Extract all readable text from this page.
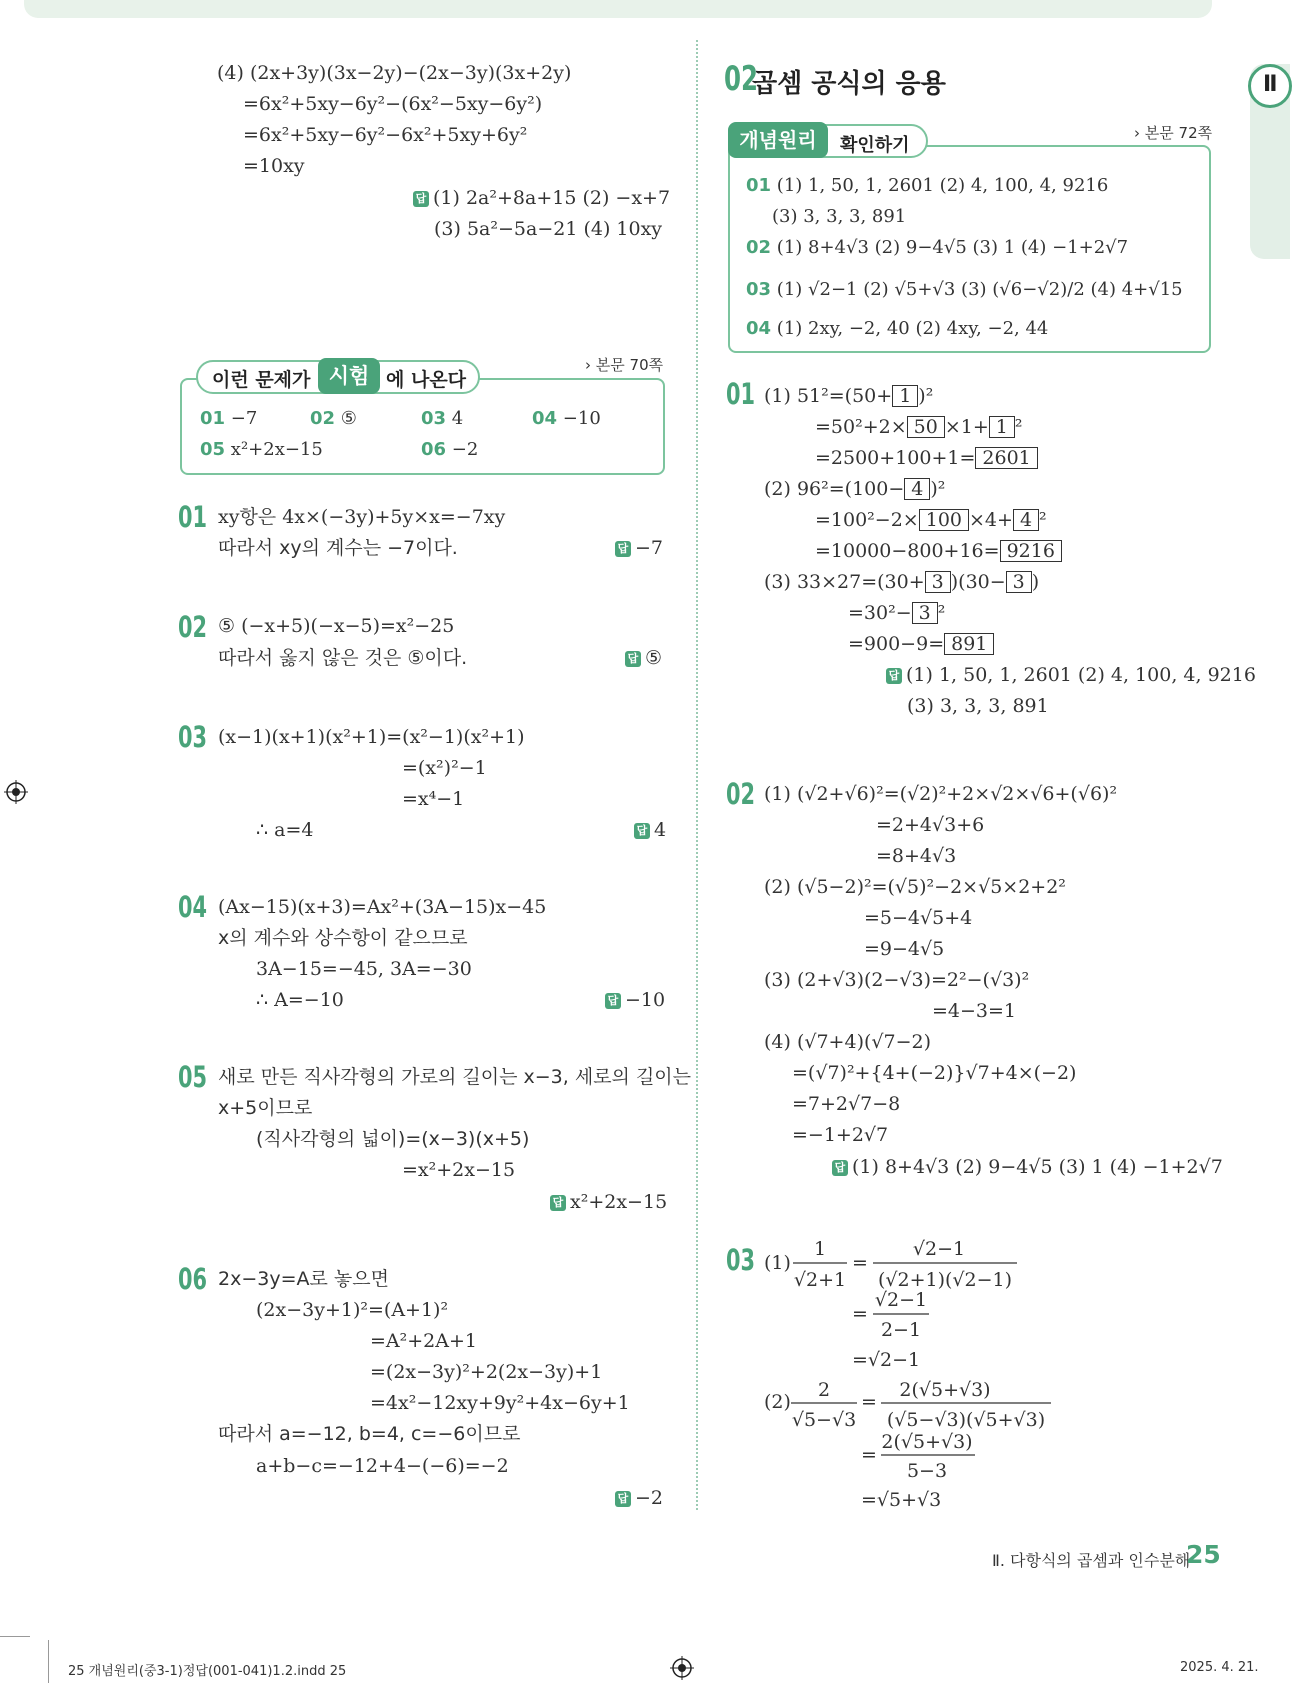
Ⅱ
(4) (2x+3y)(3x−2y)−(2x−3y)(3x+2y)
=6x²+5xy−6y²−(6x²−5xy−6y²)
=6x²+5xy−6y²−6x²+5xy+6y²
=10xy
답 (1) 2a²+8a+15 (2) −x+7
(3) 5a²−5a−21 (4) 10xy
이런 문제가 시험 에 나온다
› 본문 70쪽
01 −7	02 ⑤	03 4	04 −10
05 x²+2x−15	06 −2
01 xy항은 4x×(−3y)+5y×x=−7xy
따라서 xy의 계수는 −7이다.	답 −7
02 ⑤ (−x+5)(−x−5)=x²−25
따라서 옳지 않은 것은 ⑤이다.	답 ⑤
03 (x−1)(x+1)(x²+1)=(x²−1)(x²+1)
=(x²)²−1
=x⁴−1
∴ a=4	답 4
04 (Ax−15)(x+3)=Ax²+(3A−15)x−45
x의 계수와 상수항이 같으므로
3A−15=−45, 3A=−30
∴ A=−10	답 −10
05 새로 만든 직사각형의 가로의 길이는 x−3, 세로의 길이는
x+5이므로
(직사각형의 넓이)=(x−3)(x+5)
=x²+2x−15
답 x²+2x−15
06 2x−3y=A로 놓으면
(2x−3y+1)²=(A+1)²
=A²+2A+1
=(2x−3y)²+2(2x−3y)+1
=4x²−12xy+9y²+4x−6y+1
따라서 a=−12, b=4, c=−6이므로
a+b−c=−12+4−(−6)=−2
답 −2
02
곱셈 공식의 응용
개념원리	확인하기
› 본문 72쪽
01 (1) 1, 50, 1, 2601 (2) 4, 100, 4, 9216
(3) 3, 3, 3, 891
02 (1) 8+4√3 (2) 9−4√5 (3) 1 (4) −1+2√7
03 (1) √2−1 (2) √5+√3 (3) (√6−√2)/2 (4) 4+√15
04 (1) 2xy, −2, 40 (2) 4xy, −2, 44
01 (1) 51²=(50+ 1 )²
=50²+2× 50 ×1+ 1 ²
=2500+100+1= 2601
(2) 96²=(100− 4 )²
=100²−2× 100 ×4+ 4 ²
=10000−800+16= 9216
(3) 33×27=(30+ 3 )(30− 3 )
=30²− 3 ²
=900−9= 891
답 (1) 1, 50, 1, 2601 (2) 4, 100, 4, 9216
(3) 3, 3, 3, 891
02 (1) (√2+√6)²=(√2)²+2×√2×√6+(√6)²
=2+4√3+6
=8+4√3
(2) (√5−2)²=(√5)²−2×√5×2+2²
=5−4√5+4
=9−4√5
(3) (2+√3)(2−√3)=2²−(√3)²
=4−3=1
(4) (√7+4)(√7−2)
=(√7)²+{4+(−2)}√7+4×(−2)
=7+2√7−8
=−1+2√7
답 (1) 8+4√3 (2) 9−4√5 (3) 1 (4) −1+2√7
03 (1)
1
√2+1
=
√2−1
(√2+1)(√2−1)
=
√2−1
2−1
=√2−1
(2)
2
√5−√3
=
2(√5+√3)
(√5−√3)(√5+√3)
=
2(√5+√3)
5−3
=√5+√3
Ⅱ. 다항식의 곱셈과 인수분해
25
25 개념원리(중3-1)정답(001-041)1.2.indd 25	2025. 4. 21.
